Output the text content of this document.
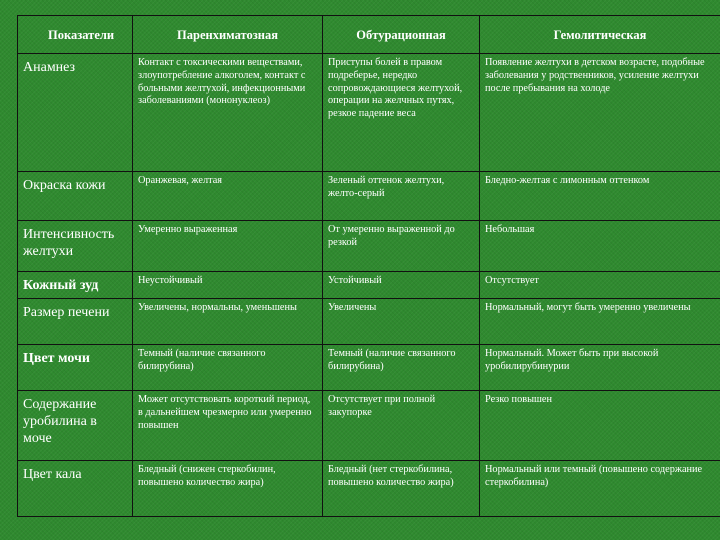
Показатели	Паренхиматозная	Обтурационная	Гемолитическая
Анамнез	Контакт с токсическими веществами, злоупотребление алкоголем, контакт с больными желтухой, инфекционными заболеваниями (мононуклеоз)	Приступы болей в правом подреберье, нередко сопровождающиеся желтухой, операции на желчных путях, резкое падение веса	Появление желтухи в детском возрасте, подобные заболевания у родственников, усиление желтухи после пребывания на холоде
Окраска кожи	Оранжевая, желтая	Зеленый оттенок желтухи, желто-серый	Бледно-желтая с лимонным оттенком
Интенсивность желтухи	Умеренно выраженная	От умеренно выраженной до резкой	Небольшая
Кожный зуд	Неустойчивый	Устойчивый	Отсутствует
Размер печени	Увеличены, нормальны, уменьшены	Увеличены	Нормальный, могут быть умеренно увеличены
Цвет мочи	Темный (наличие связанного билирубина)	Темный (наличие связанного билирубина)	Нормальный. Может быть при высокой уробилирубинурии
Содержание уробилина в моче	Может отсутствовать короткий период, в дальнейшем чрезмерно или умеренно повышен	Отсутствует при полной закупорке	Резко повышен
Цвет кала	Бледный (снижен стеркобилин, повышено количество жира)	Бледный (нет стеркобилина, повышено количество жира)	Нормальный или темный (повышено содержание стеркобилина)
